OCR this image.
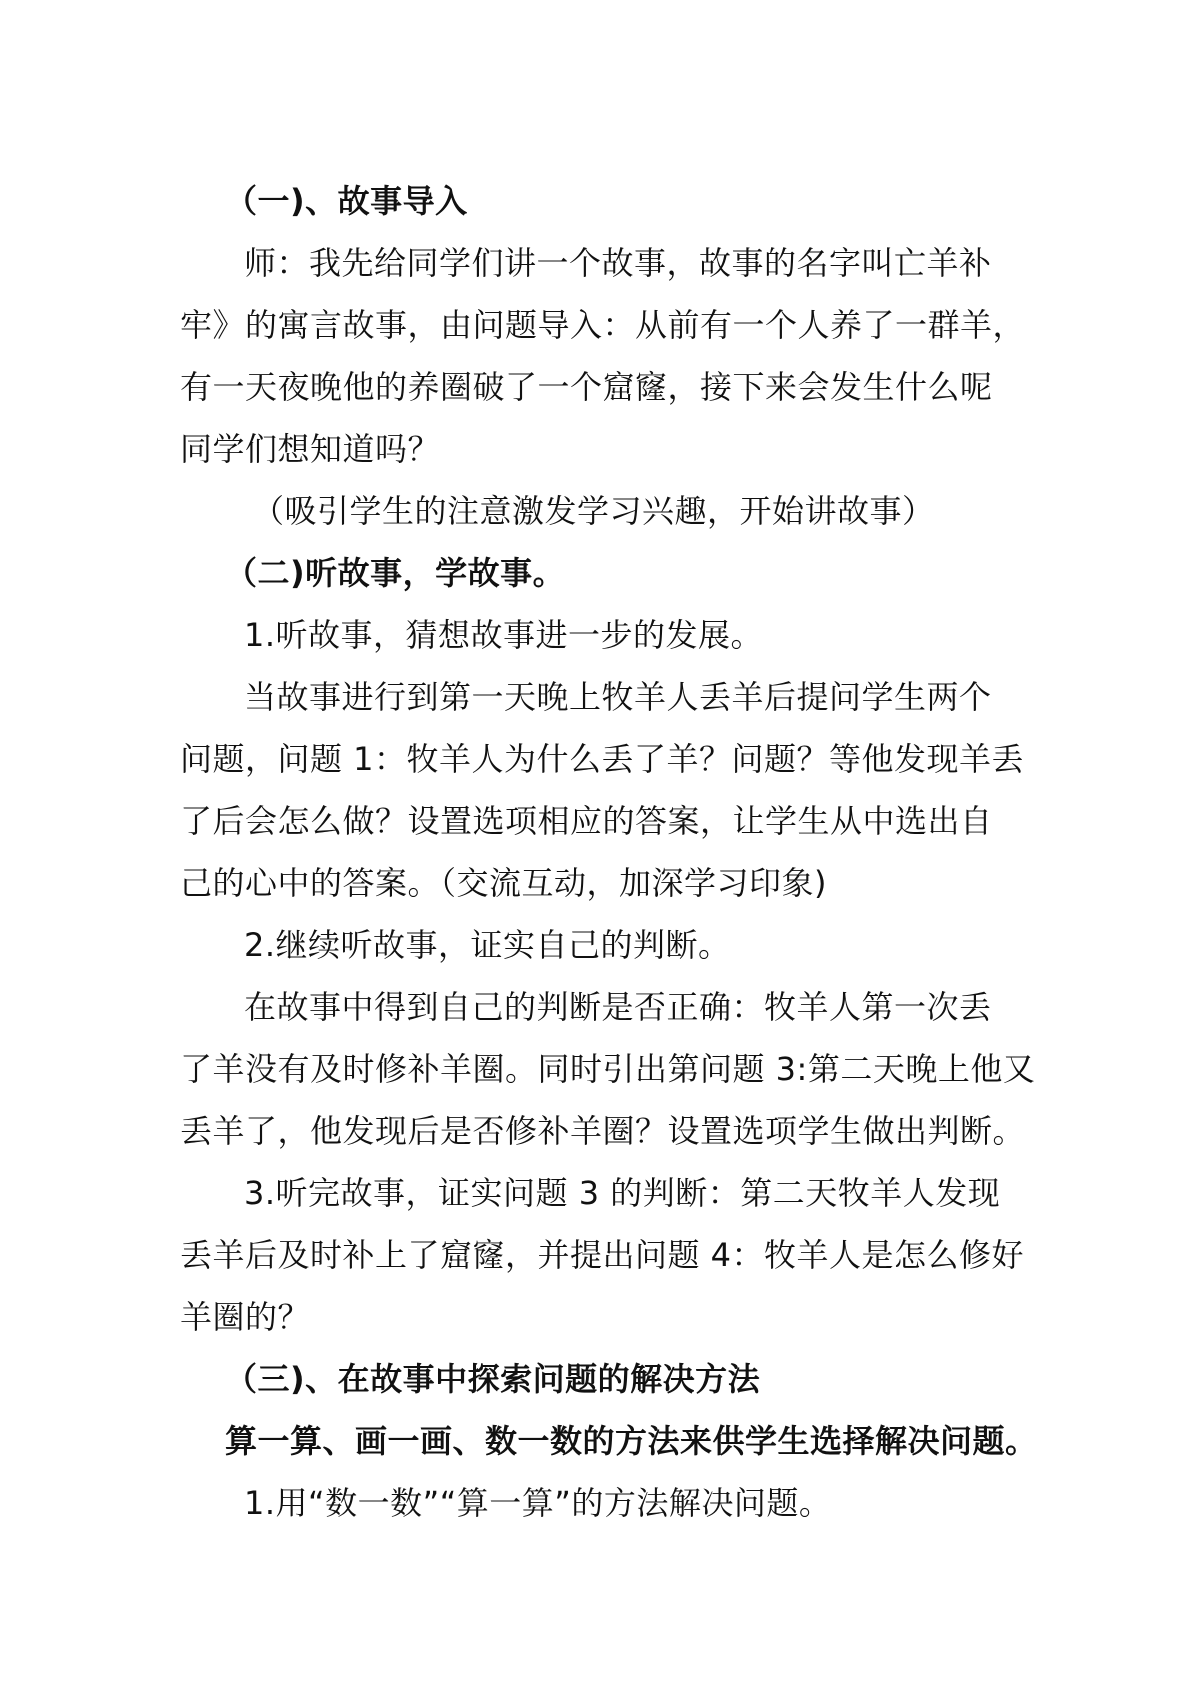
（一)、故事导入
师：我先给同学们讲一个故事，故事的名字叫亡羊补
牢》的寓言故事，由问题导入：从前有一个人养了一群羊，
有一天夜晚他的养圈破了一个窟窿，接下来会发生什么呢
同学们想知道吗？
（吸引学生的注意激发学习兴趣，开始讲故事）
（二)听故事，学故事。
1.听故事，猜想故事进一步的发展。
当故事进行到第一天晚上牧羊人丢羊后提问学生两个
问题，问题 1：牧羊人为什么丢了羊？问题？等他发现羊丢
了后会怎么做？设置选项相应的答案，让学生从中选出自
己的心中的答案。（交流互动，加深学习印象)
2.继续听故事，证实自己的判断。
在故事中得到自己的判断是否正确：牧羊人第一次丢
了羊没有及时修补羊圈。同时引出第问题 3:第二天晚上他又
丢羊了，他发现后是否修补羊圈？设置选项学生做出判断。
3.听完故事，证实问题 3 的判断：第二天牧羊人发现
丢羊后及时补上了窟窿，并提出问题 4：牧羊人是怎么修好
羊圈的？
（三)、在故事中探索问题的解决方法
算一算、画一画、数一数的方法来供学生选择解决问题。
1.用“数一数”“算一算”的方法解决问题。
